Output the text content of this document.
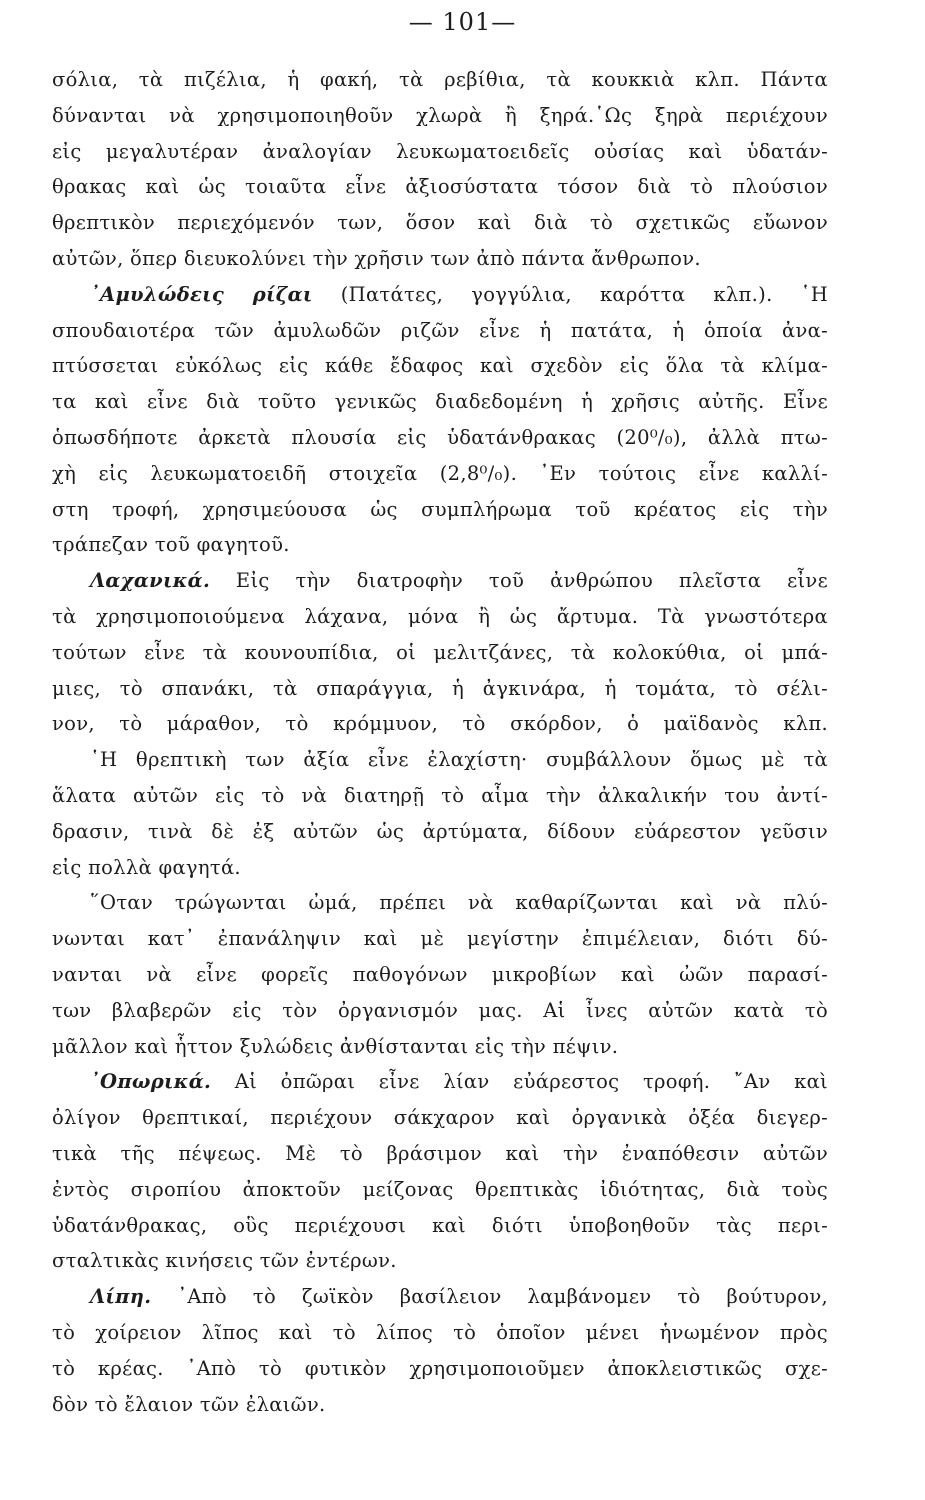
— 101—
σόλια, τὰ πιζέλια, ἡ φακή, τὰ ρεβίθια, τὰ κουκκιὰ κλπ. Πάντα
δύνανται νὰ χρησιμοποιηθοῦν χλωρὰ ἢ ξηρά.῾Ως ξηρὰ περιέχουν
εἰς μεγαλυτέραν ἀναλογίαν λευκωματοειδεῖς οὐσίας καὶ ὑδατάν-
θρακας καὶ ὡς τοιαῦτα εἶνε ἀξιοσύστατα τόσον διὰ τὸ πλούσιον
θρεπτικὸν περιεχόμενόν των, ὅσον καὶ διὰ τὸ σχετικῶς εὔωνον
αὐτῶν, ὅπερ διευκολύνει τὴν χρῆσιν των ἀπὸ πάντα ἄνθρωπον.
᾿Αμυλώδεις ρίζαι (Πατάτες, γογγύλια, καρόττα κλπ.). ῾Η
σπουδαιοτέρα τῶν ἀμυλωδῶν ριζῶν εἶνε ἡ πατάτα, ἡ ὁποία ἀνα-
πτύσσεται εὐκόλως εἰς κάθε ἔδαφος καὶ σχεδὸν εἰς ὅλα τὰ κλίμα-
τα καὶ εἶνε διὰ τοῦτο γενικῶς διαδεδομένη ἡ χρῆσις αὐτῆς. Εἶνε
ὁπωσδήποτε ἀρκετὰ πλουσία εἰς ὑδατάνθρακας (20⁰/₀), ἀλλὰ πτω-
χὴ εἰς λευκωματοειδῆ στοιχεῖα (2,8⁰/₀). ᾿Εν τούτοις εἶνε καλλί-
στη τροφή, χρησιμεύουσα ὡς συμπλήρωμα τοῦ κρέατος εἰς τὴν
τράπεζαν τοῦ φαγητοῦ.
Λαχανικά. Εἰς τὴν διατροφὴν τοῦ ἀνθρώπου πλεῖστα εἶνε
τὰ χρησιμοποιούμενα λάχανα, μόνα ἢ ὡς ἄρτυμα. Τὰ γνωστότερα
τούτων εἶνε τὰ κουνουπίδια, οἱ μελιτζάνες, τὰ κολοκύθια, οἱ μπά-
μιες, τὸ σπανάκι, τὰ σπαράγγια, ἡ ἀγκινάρα, ἡ τομάτα, τὸ σέλι-
νον, τὸ μάραθον, τὸ κρόμμυον, τὸ σκόρδον, ὁ μαϊδανὸς κλπ.
῾Η θρεπτικὴ των ἀξία εἶνε ἐλαχίστη· συμβάλλουν ὅμως μὲ τὰ
ἅλατα αὐτῶν εἰς τὸ νὰ διατηρῇ τὸ αἷμα τὴν ἀλκαλικήν του ἀντί-
δρασιν, τινὰ δὲ ἐξ αὐτῶν ὡς ἀρτύματα, δίδουν εὐάρεστον γεῦσιν
εἰς πολλὰ φαγητά.
῞Οταν τρώγωνται ὠμά, πρέπει νὰ καθαρίζωνται καὶ νὰ πλύ-
νωνται κατ᾿ ἐπανάληψιν καὶ μὲ μεγίστην ἐπιμέλειαν, διότι δύ-
νανται νὰ εἶνε φορεῖς παθογόνων μικροβίων καὶ ὠῶν παρασί-
των βλαβερῶν εἰς τὸν ὀργανισμόν μας. Αἱ ἶνες αὐτῶν κατὰ τὸ
μᾶλλον καὶ ἧττον ξυλώδεις ἀνθίστανται εἰς τὴν πέψιν.
᾿Οπωρικά. Αἱ ὀπῶραι εἶνε λίαν εὐάρεστος τροφή. ῎Αν καὶ
ὀλίγον θρεπτικαί, περιέχουν σάκχαρον καὶ ὀργανικὰ ὀξέα διεγερ-
τικὰ τῆς πέψεως. Μὲ τὸ βράσιμον καὶ τὴν ἐναπόθεσιν αὐτῶν
ἐντὸς σιροπίου ἀποκτοῦν μείζονας θρεπτικὰς ἰδιότητας, διὰ τοὺς
ὑδατάνθρακας, οὓς περιέχουσι καὶ διότι ὑποβοηθοῦν τὰς περι-
σταλτικὰς κινήσεις τῶν ἐντέρων.
Λίπη. ᾿Απὸ τὸ ζωϊκὸν βασίλειον λαμβάνομεν τὸ βούτυρον,
τὸ χοίρειον λῖπος καὶ τὸ λίπος τὸ ὁποῖον μένει ἡνωμένον πρὸς
τὸ κρέας. ᾿Απὸ τὸ φυτικὸν χρησιμοποιοῦμεν ἀποκλειστικῶς σχε-
δὸν τὸ ἔλαιον τῶν ἐλαιῶν.
